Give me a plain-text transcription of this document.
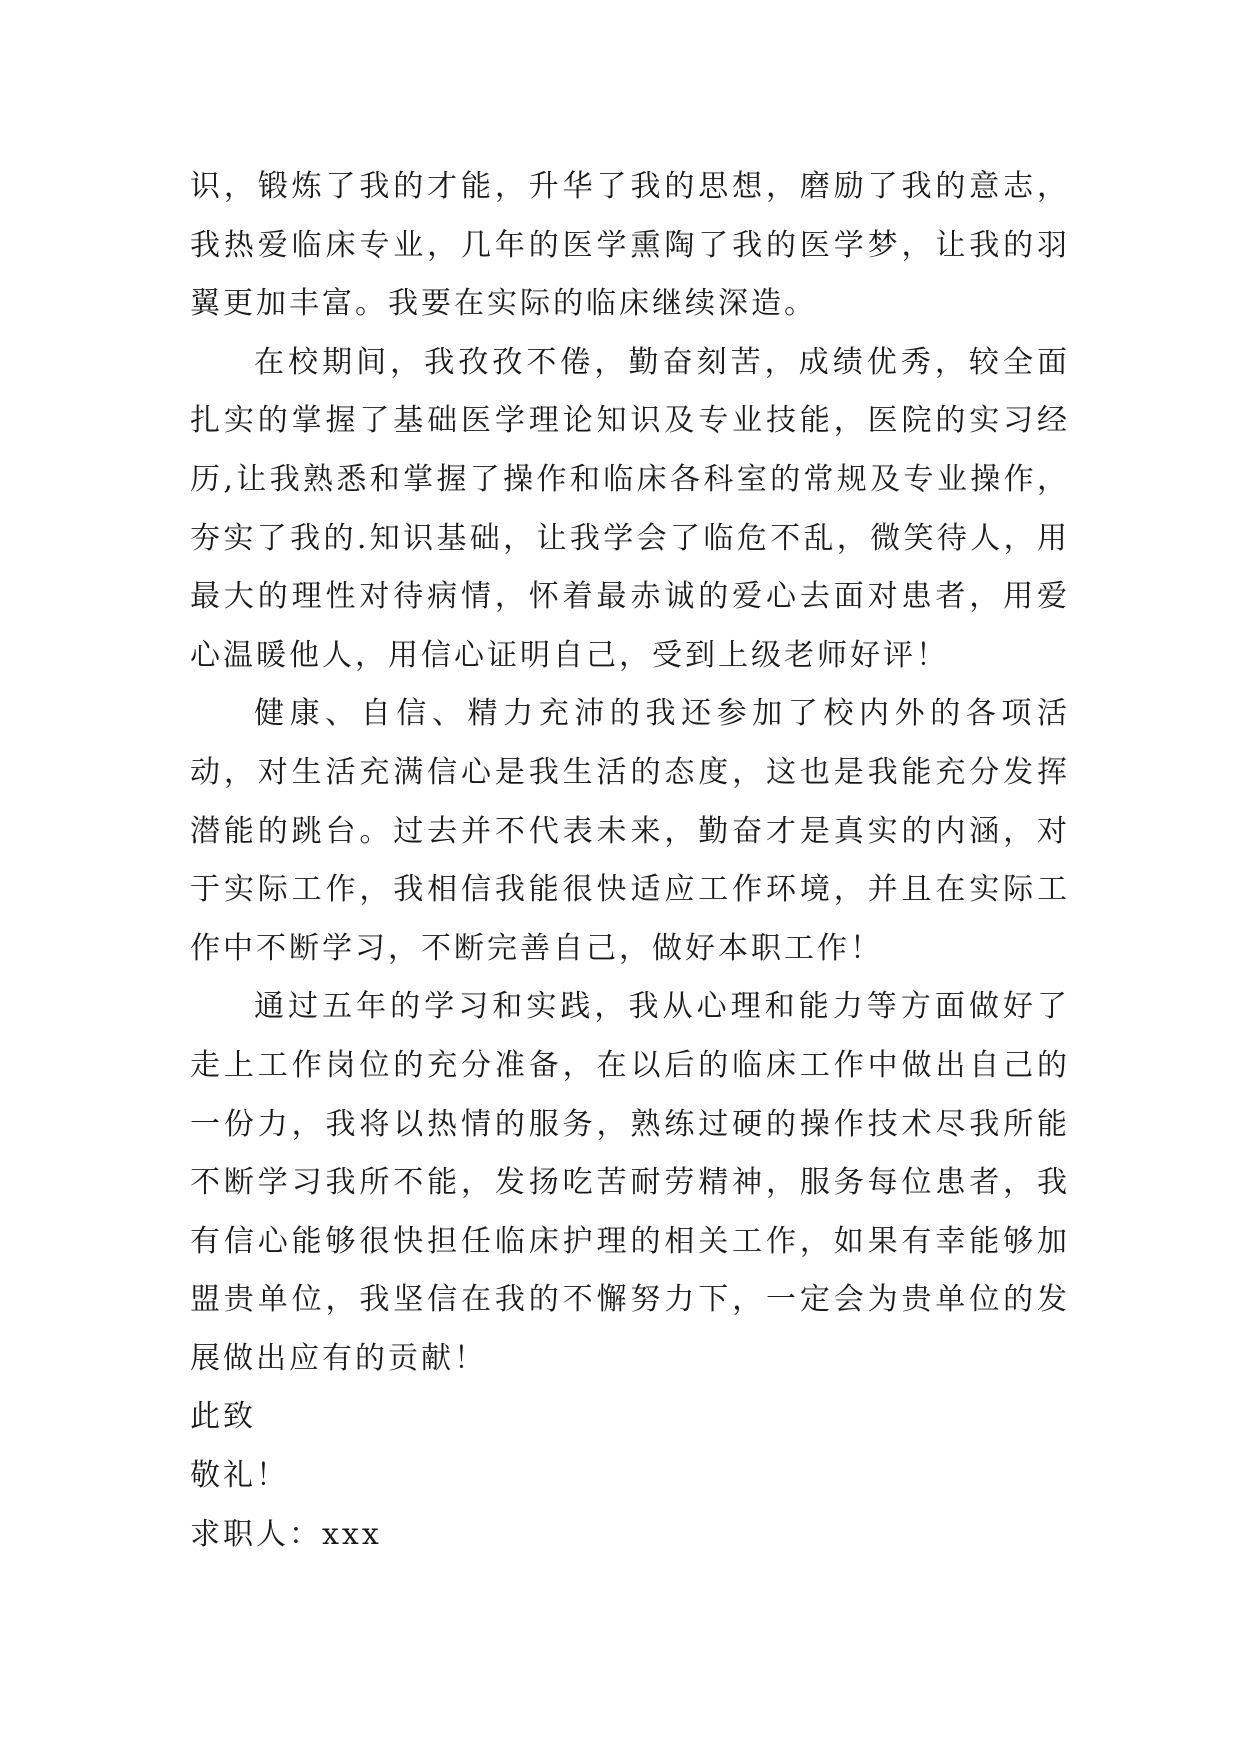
识，锻炼了我的才能，升华了我的思想，磨励了我的意志，我热爱临床专业，几年的医学熏陶了我的医学梦，让我的羽翼更加丰富。我要在实际的临床继续深造。

在校期间，我孜孜不倦，勤奋刻苦，成绩优秀，较全面扎实的掌握了基础医学理论知识及专业技能，医院的实习经历,让我熟悉和掌握了操作和临床各科室的常规及专业操作，夯实了我的.知识基础，让我学会了临危不乱，微笑待人，用最大的理性对待病情，怀着最赤诚的爱心去面对患者，用爱心温暖他人，用信心证明自己，受到上级老师好评！

健康、自信、精力充沛的我还参加了校内外的各项活动，对生活充满信心是我生活的态度，这也是我能充分发挥潜能的跳台。过去并不代表未来，勤奋才是真实的内涵，对于实际工作，我相信我能很快适应工作环境，并且在实际工作中不断学习，不断完善自己，做好本职工作！

通过五年的学习和实践，我从心理和能力等方面做好了走上工作岗位的充分准备，在以后的临床工作中做出自己的一份力，我将以热情的服务，熟练过硬的操作技术尽我所能不断学习我所不能，发扬吃苦耐劳精神，服务每位患者，我有信心能够很快担任临床护理的相关工作，如果有幸能够加盟贵单位，我坚信在我的不懈努力下，一定会为贵单位的发展做出应有的贡献！

此致

敬礼！

求职人：xxx
